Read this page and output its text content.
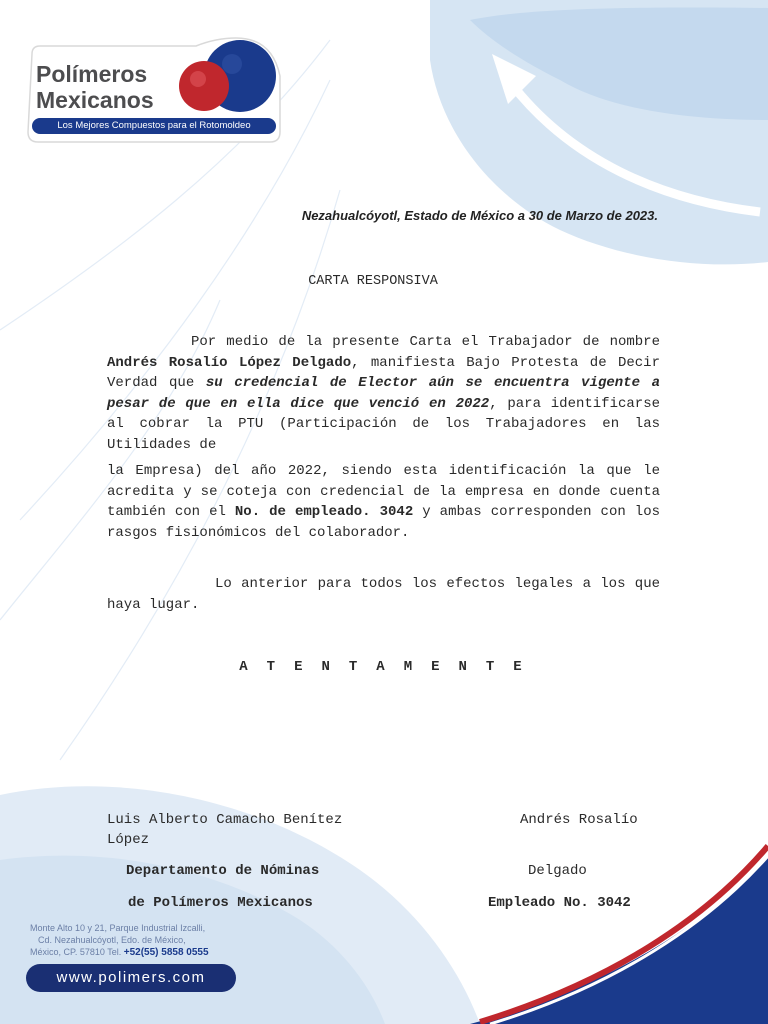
Polímeros
Mexicanos
Los Mejores Compuestos para el Rotomoldeo
Nezahualcóyotl, Estado de México a 30 de Marzo de 2023.
CARTA RESPONSIVA

Por medio de la presente Carta el Trabajador de nombre Andrés Rosalío López Delgado, manifiesta Bajo Protesta de Decir Verdad que su credencial de Elector aún se encuentra vigente a pesar de que en ella dice que venció en 2022, para identificarse al cobrar la PTU (Participación de los Trabajadores en las Utilidades de

la Empresa) del año 2022, siendo esta identificación la que le acredita y se coteja con credencial de la empresa en donde cuenta también con el No. de empleado. 3042 y ambas corresponden con los rasgos fisionómicos del colaborador.

Lo anterior para todos los efectos legales a los que haya lugar.

ATENTAMENTE
Luis Alberto Camacho Benítez
López
Departamento de Nóminas
de Polímeros Mexicanos
Andrés Rosalío
Delgado
Empleado No. 3042
Monte Alto 10 y 21, Parque Industrial Izcalli,
Cd. Nezahualcóyotl, Edo. de México,
México, CP. 57810 Tel. +52(55) 5858 0555
www.polimers.com
